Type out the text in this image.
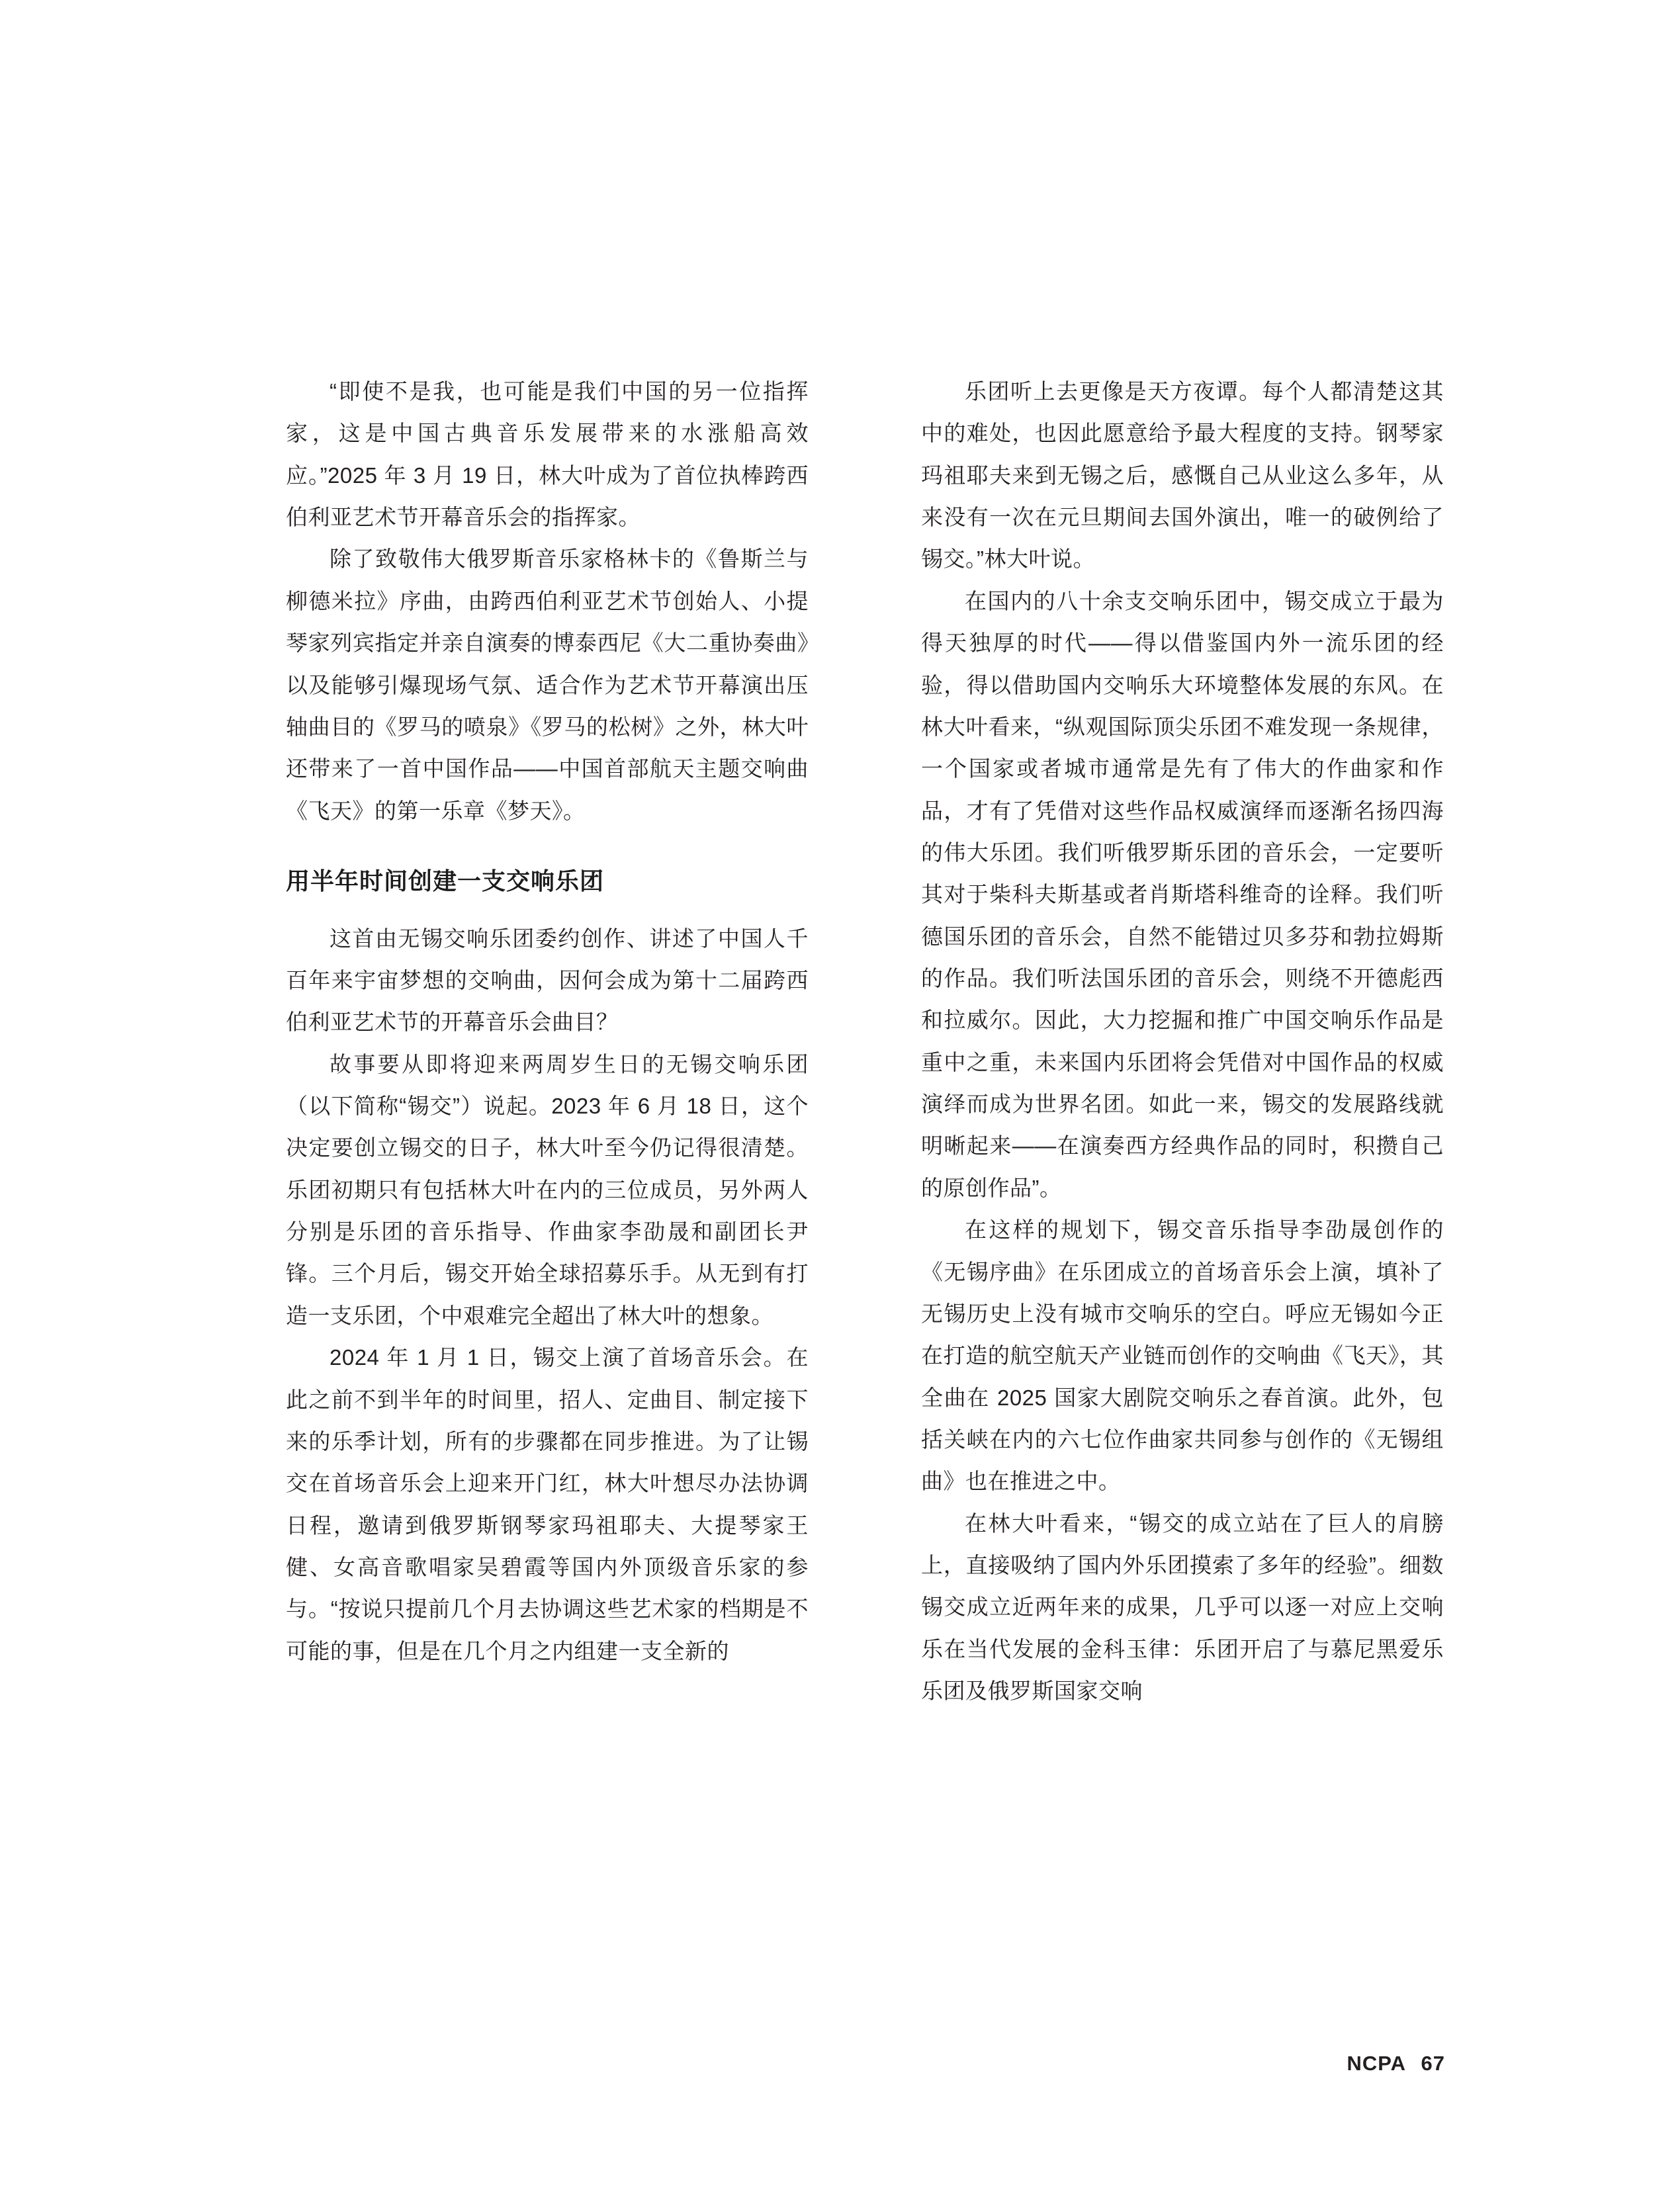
“即使不是我，也可能是我们中国的另一位指挥家，这是中国古典音乐发展带来的水涨船高效应。”2025 年 3 月 19 日，林大叶成为了首位执棒跨西伯利亚艺术节开幕音乐会的指挥家。

除了致敬伟大俄罗斯音乐家格林卡的《鲁斯兰与柳德米拉》序曲，由跨西伯利亚艺术节创始人、小提琴家列宾指定并亲自演奏的博泰西尼《大二重协奏曲》以及能够引爆现场气氛、适合作为艺术节开幕演出压轴曲目的《罗马的喷泉》《罗马的松树》之外，林大叶还带来了一首中国作品——中国首部航天主题交响曲《飞天》的第一乐章《梦天》。

用半年时间创建一支交响乐团

这首由无锡交响乐团委约创作、讲述了中国人千百年来宇宙梦想的交响曲，因何会成为第十二届跨西伯利亚艺术节的开幕音乐会曲目？

故事要从即将迎来两周岁生日的无锡交响乐团（以下简称“锡交”）说起。2023 年 6 月 18 日，这个决定要创立锡交的日子，林大叶至今仍记得很清楚。乐团初期只有包括林大叶在内的三位成员，另外两人分别是乐团的音乐指导、作曲家李劭晟和副团长尹锋。三个月后，锡交开始全球招募乐手。从无到有打造一支乐团，个中艰难完全超出了林大叶的想象。

2024 年 1 月 1 日，锡交上演了首场音乐会。在此之前不到半年的时间里，招人、定曲目、制定接下来的乐季计划，所有的步骤都在同步推进。为了让锡交在首场音乐会上迎来开门红，林大叶想尽办法协调日程，邀请到俄罗斯钢琴家玛祖耶夫、大提琴家王健、女高音歌唱家吴碧霞等国内外顶级音乐家的参与。“按说只提前几个月去协调这些艺术家的档期是不可能的事，但是在几个月之内组建一支全新的

乐团听上去更像是天方夜谭。每个人都清楚这其中的难处，也因此愿意给予最大程度的支持。钢琴家玛祖耶夫来到无锡之后，感慨自己从业这么多年，从来没有一次在元旦期间去国外演出，唯一的破例给了锡交。”林大叶说。

在国内的八十余支交响乐团中，锡交成立于最为得天独厚的时代——得以借鉴国内外一流乐团的经验，得以借助国内交响乐大环境整体发展的东风。在林大叶看来，“纵观国际顶尖乐团不难发现一条规律，一个国家或者城市通常是先有了伟大的作曲家和作品，才有了凭借对这些作品权威演绎而逐渐名扬四海的伟大乐团。我们听俄罗斯乐团的音乐会，一定要听其对于柴科夫斯基或者肖斯塔科维奇的诠释。我们听德国乐团的音乐会，自然不能错过贝多芬和勃拉姆斯的作品。我们听法国乐团的音乐会，则绕不开德彪西和拉威尔。因此，大力挖掘和推广中国交响乐作品是重中之重，未来国内乐团将会凭借对中国作品的权威演绎而成为世界名团。如此一来，锡交的发展路线就明晰起来——在演奏西方经典作品的同时，积攒自己的原创作品”。

在这样的规划下，锡交音乐指导李劭晟创作的《无锡序曲》在乐团成立的首场音乐会上演，填补了无锡历史上没有城市交响乐的空白。呼应无锡如今正在打造的航空航天产业链而创作的交响曲《飞天》，其全曲在 2025 国家大剧院交响乐之春首演。此外，包括关峡在内的六七位作曲家共同参与创作的《无锡组曲》也在推进之中。

在林大叶看来，“锡交的成立站在了巨人的肩膀上，直接吸纳了国内外乐团摸索了多年的经验”。细数锡交成立近两年来的成果，几乎可以逐一对应上交响乐在当代发展的金科玉律：乐团开启了与慕尼黑爱乐乐团及俄罗斯国家交响

NCPA 67
